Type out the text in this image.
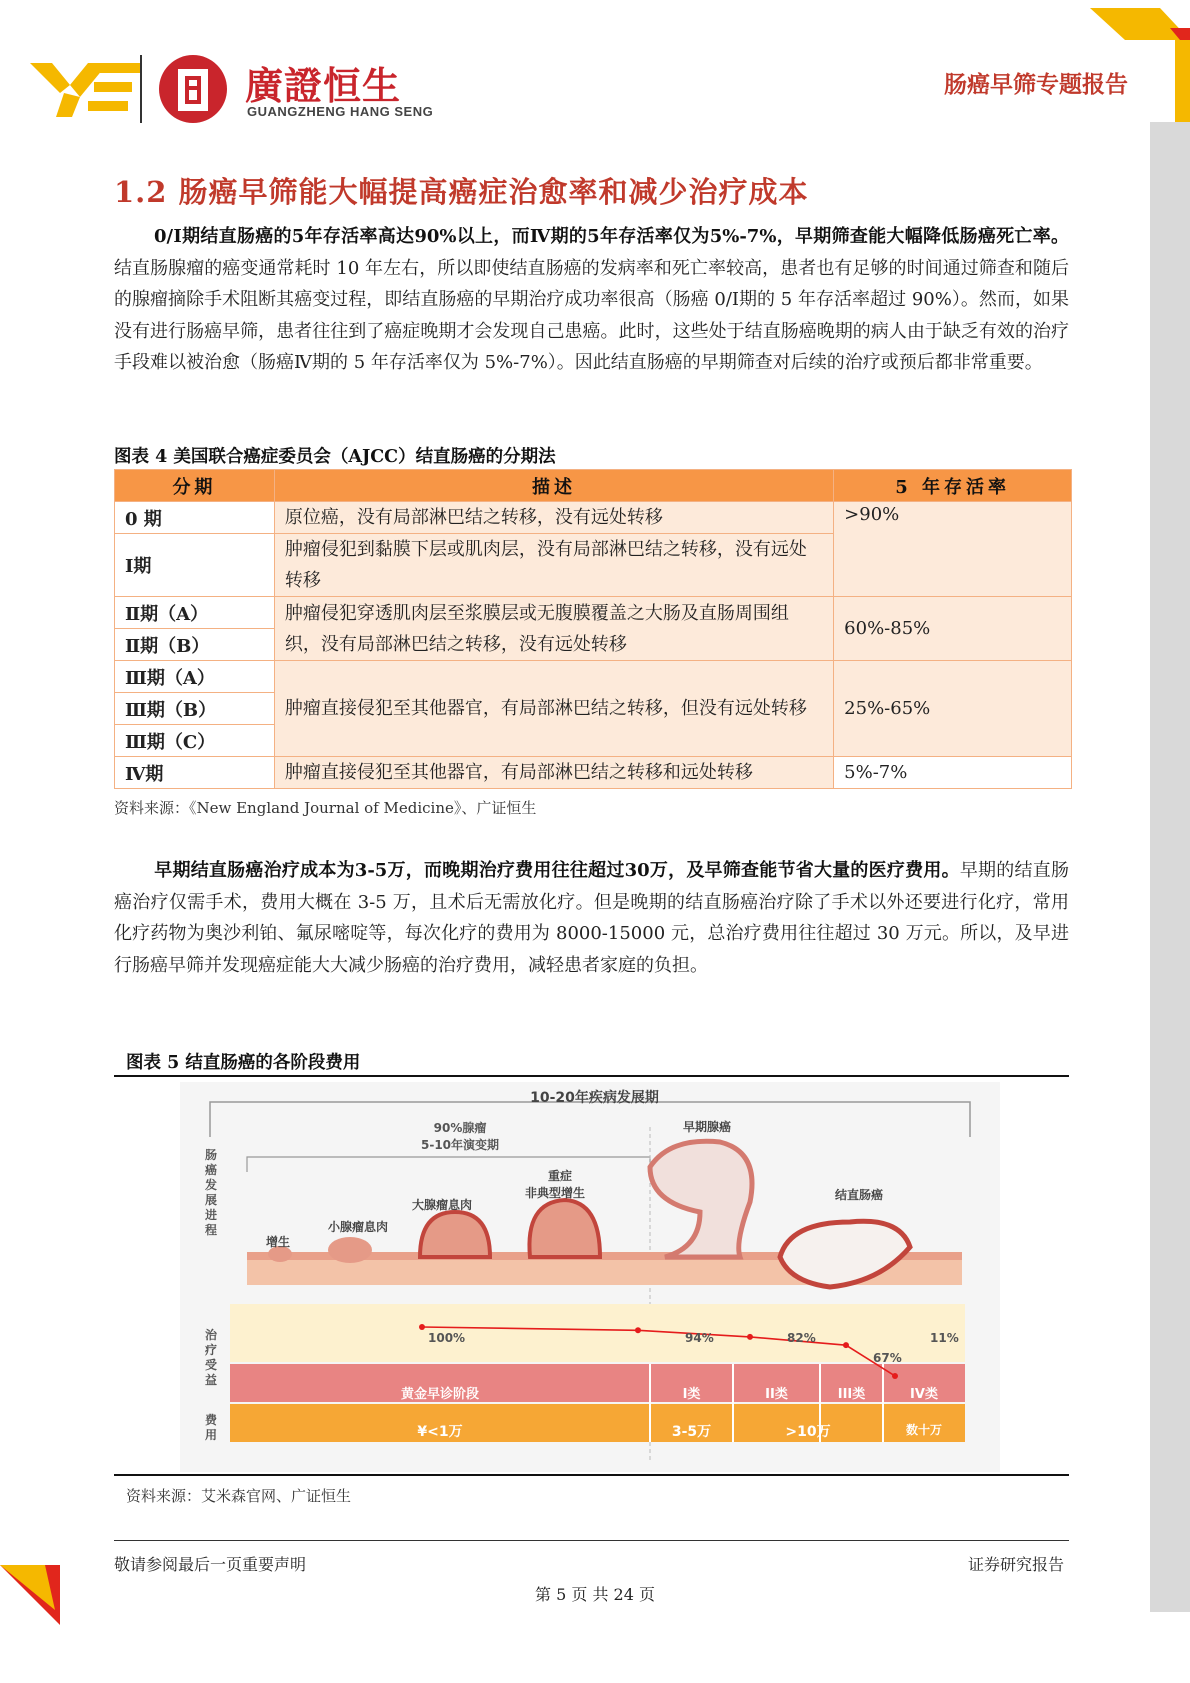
廣證恒生
GUANGZHENG HANG SENG
肠癌早筛专题报告
1.2 肠癌早筛能大幅提高癌症治愈率和减少治疗成本
0/Ⅰ期结直肠癌的5年存活率高达90%以上，而Ⅳ期的5年存活率仅为5%-7%，早期筛查能大幅降低肠癌死亡率。结直肠腺瘤的癌变通常耗时 10 年左右，所以即使结直肠癌的发病率和死亡率较高，患者也有足够的时间通过筛查和随后的腺瘤摘除手术阻断其癌变过程，即结直肠癌的早期治疗成功率很高（肠癌 0/Ⅰ期的 5 年存活率超过 90%）。然而，如果没有进行肠癌早筛，患者往往到了癌症晚期才会发现自己患癌。此时，这些处于结直肠癌晚期的病人由于缺乏有效的治疗手段难以被治愈（肠癌Ⅳ期的 5 年存活率仅为 5%-7%）。因此结直肠癌的早期筛查对后续的治疗或预后都非常重要。
图表 4 美国联合癌症委员会（AJCC）结直肠癌的分期法
分期	描述	5 年存活率
0 期	原位癌，没有局部淋巴结之转移，没有远处转移	>90%
Ⅰ期	肿瘤侵犯到黏膜下层或肌肉层，没有局部淋巴结之转移，没有远处转移	
Ⅱ期（A）	肿瘤侵犯穿透肌肉层至浆膜层或无腹膜覆盖之大肠及直肠周围组织，没有局部淋巴结之转移，没有远处转移	60%-85%
Ⅱ期（B）		
Ⅲ期（A）	肿瘤直接侵犯至其他器官，有局部淋巴结之转移，但没有远处转移	25%-65%
Ⅲ期（B）		
Ⅲ期（C）		
Ⅳ期	肿瘤直接侵犯至其他器官，有局部淋巴结之转移和远处转移	5%-7%
资料来源：《New England Journal of Medicine》、广证恒生
早期结直肠癌治疗成本为3-5万，而晚期治疗费用往往超过30万，及早筛查能节省大量的医疗费用。早期的结直肠癌治疗仅需手术，费用大概在 3-5 万，且术后无需放化疗。但是晚期的结直肠癌治疗除了手术以外还要进行化疗，常用化疗药物为奥沙利铂、氟尿嘧啶等，每次化疗的费用为 8000-15000 元，总治疗费用往往超过 30 万元。所以，及早进行肠癌早筛并发现癌症能大大减少肠癌的治疗费用，减轻患者家庭的负担。
图表 5 结直肠癌的各阶段费用
10-20年疾病发展期
90%腺瘤
5-10年演变期
肠癌发展进程
治疗受益
费用
增生
小腺瘤息肉
大腺瘤息肉
重症
非典型增生
早期腺癌
结直肠癌
100%	94%	82%
67%
11%
黄金早诊阶段	I类	II类	III类	IV类
¥<1万	3-5万	>10万	数十万
资料来源：艾米森官网、广证恒生
敬请参阅最后一页重要声明	证券研究报告
第 5 页 共 24 页
